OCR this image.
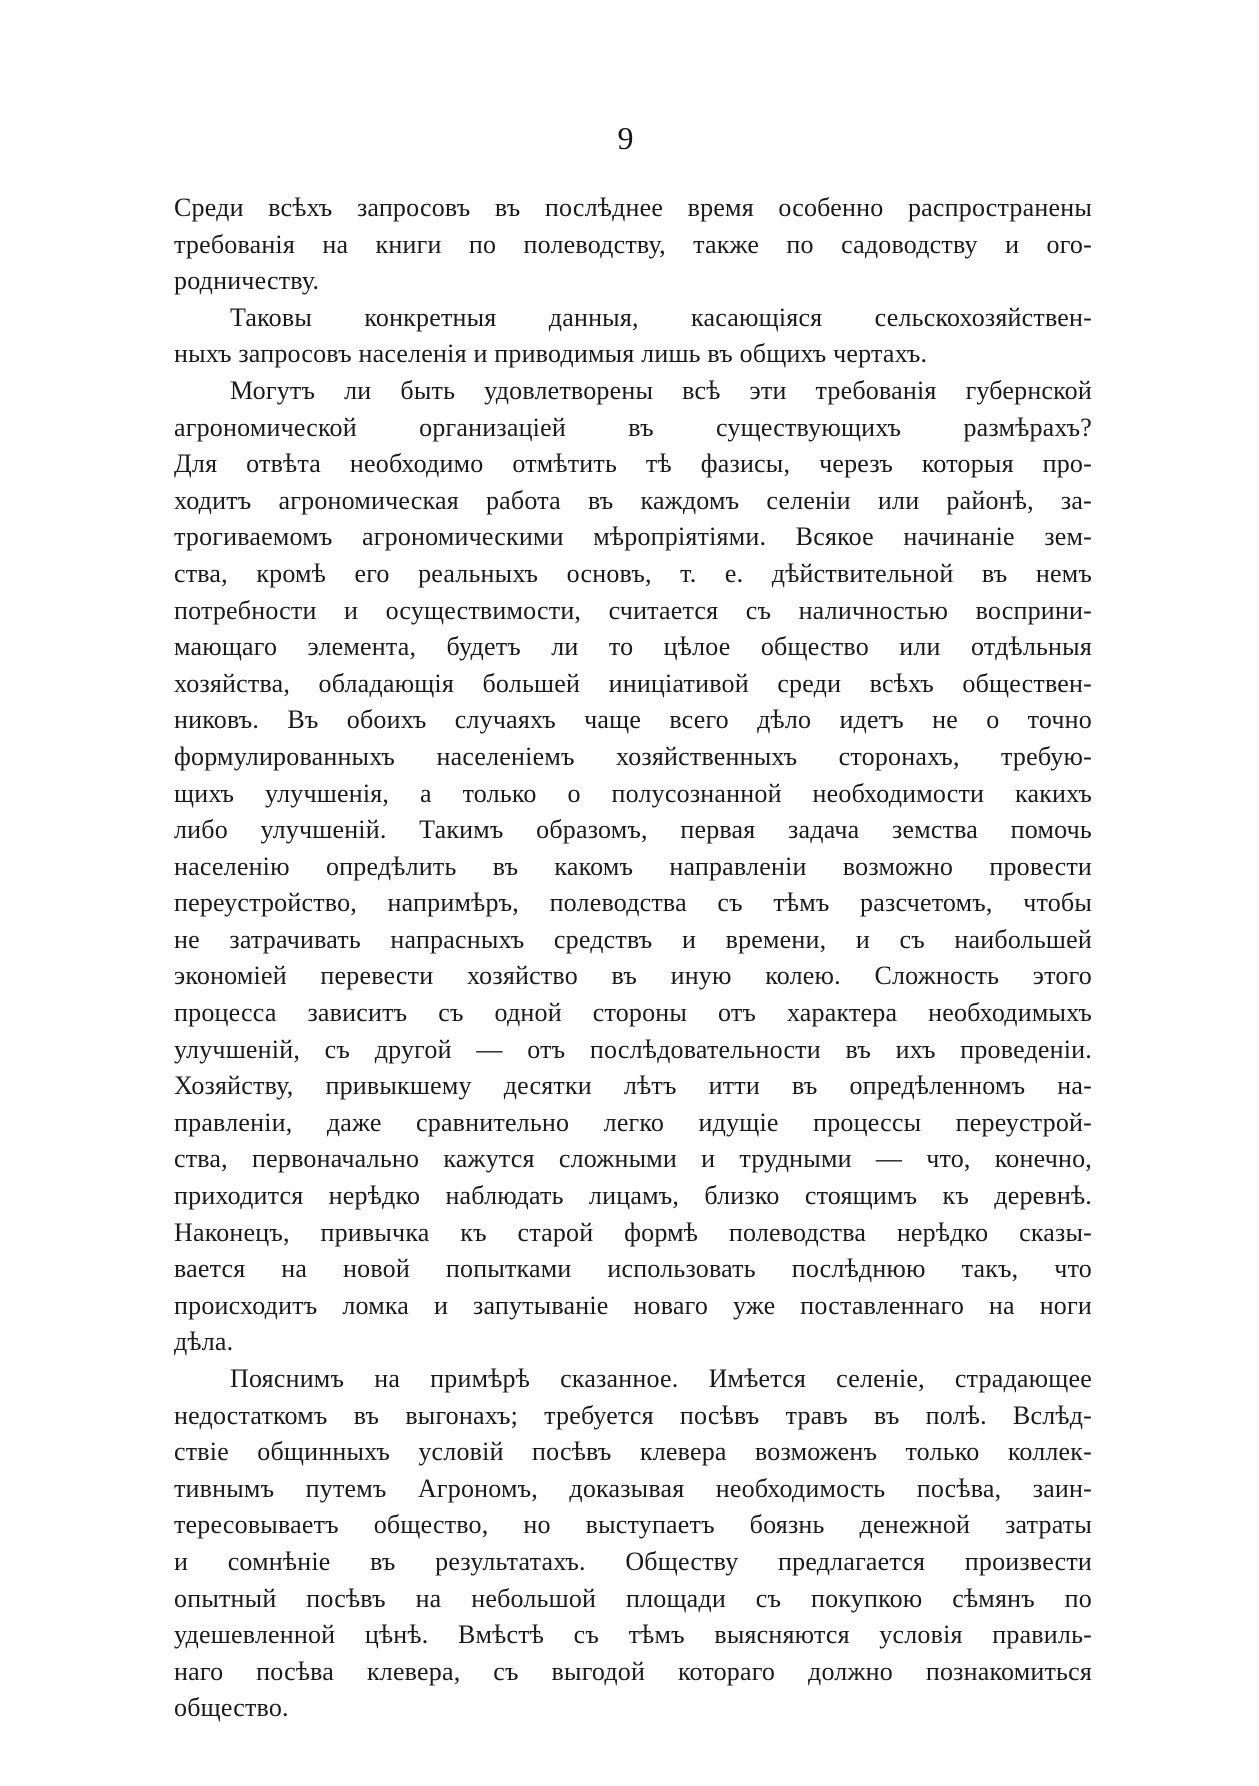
9
Среди всѣхъ запросовъ въ послѣднее время особенно распространены
требованія на книги по полеводству, также по садоводству и ого-
родничеству.
Таковы конкретныя данныя, касающіяся сельскохозяйствен-
ныхъ запросовъ населенія и приводимыя лишь въ общихъ чертахъ.
Могутъ ли быть удовлетворены всѣ эти требованія губернской
агрономической организаціей въ существующихъ размѣрахъ?
Для отвѣта необходимо отмѣтить тѣ фазисы, черезъ которыя про-
ходитъ агрономическая работа въ каждомъ селеніи или районѣ, за-
трогиваемомъ агрономическими мѣропріятіями. Всякое начинаніе зем-
ства, кромѣ его реальныхъ основъ, т. е. дѣйствительной въ немъ
потребности и осуществимости, считается съ наличностью восприни-
мающаго элемента, будетъ ли то цѣлое общество или отдѣльныя
хозяйства, обладающія большей иниціативой среди всѣхъ обществен-
никовъ. Въ обоихъ случаяхъ чаще всего дѣло идетъ не о точно
формулированныхъ населеніемъ хозяйственныхъ сторонахъ, требую-
щихъ улучшенія, а только о полусознанной необходимости какихъ
либо улучшеній. Такимъ образомъ, первая задача земства помочь
населенію опредѣлить въ какомъ направленіи возможно провести
переустройство, напримѣръ, полеводства съ тѣмъ разсчетомъ, чтобы
не затрачивать напрасныхъ средствъ и времени, и съ наибольшей
экономіей перевести хозяйство въ иную колею. Сложность этого
процесса зависитъ съ одной стороны отъ характера необходимыхъ
улучшеній, съ другой — отъ послѣдовательности въ ихъ проведеніи.
Хозяйству, привыкшему десятки лѣтъ итти въ опредѣленномъ на-
правленіи, даже сравнительно легко идущіе процессы переустрой-
ства, первоначально кажутся сложными и трудными — что, конечно,
приходится нерѣдко наблюдать лицамъ, близко стоящимъ къ деревнѣ.
Наконецъ, привычка къ старой формѣ полеводства нерѣдко сказы-
вается на новой попытками использовать послѣднюю такъ, что
происходитъ ломка и запутываніе новаго уже поставленнаго на ноги
дѣла.
Пояснимъ на примѣрѣ сказанное. Имѣется селеніе, страдающее
недостаткомъ въ выгонахъ; требуется посѣвъ травъ въ полѣ. Вслѣд-
ствіе общинныхъ условій посѣвъ клевера возможенъ только коллек-
тивнымъ путемъ Агрономъ, доказывая необходимость посѣва, заин-
тересовываетъ общество, но выступаетъ боязнь денежной затраты
и сомнѣніе въ результатахъ. Обществу предлагается произвести
опытный посѣвъ на небольшой площади съ покупкою сѣмянъ по
удешевленной цѣнѣ. Вмѣстѣ съ тѣмъ выясняются условія правиль-
наго посѣва клевера, съ выгодой котораго должно познакомиться
общество.
